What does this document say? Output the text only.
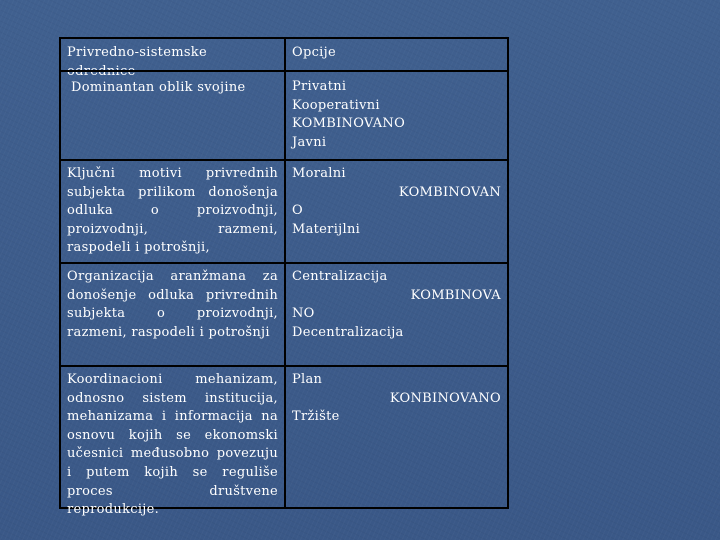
Privredno-sistemske odrednice
Opcije
Dominantan oblik svojine	Privatni
Kooperativni
KOMBINOVANO
Javni
Ključni motivi privrednih subjekta prilikom donošenja odluka o proizvodnji, proizvodnji, razmeni, raspodeli i potrošnji,
Moralni
KOMBINOVAN
O
Materijlni
Organizacija aranžmana za donošenje odluka privrednih subjekta o proizvodnji, razmeni, raspodeli i potrošnji
Centralizacija
KOMBINOVA
NO
Decentralizacija
Koordinacioni mehanizam, odnosno sistem institucija, mehanizama i informacija na osnovu kojih se ekonomski učesnici međusobno povezuju i putem kojih se reguliše proces društvene reprodukcije.
Plan
KONBINOVANO
Tržište
